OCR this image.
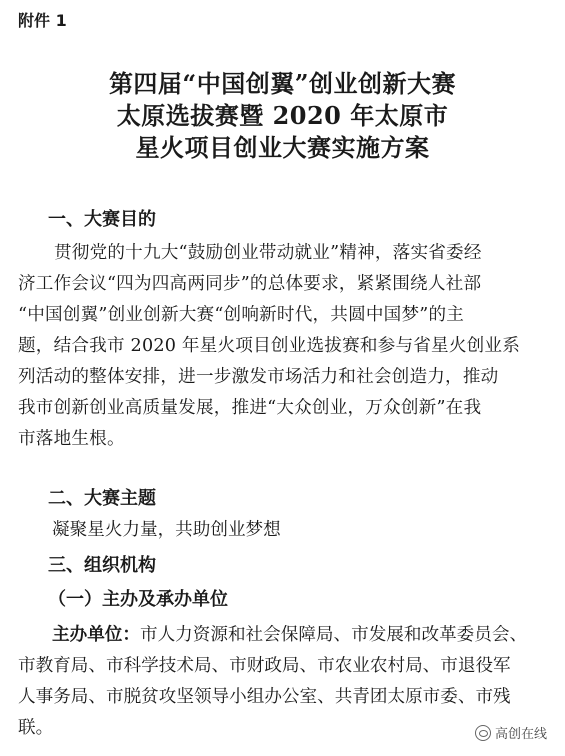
附件 1
第四届“中国创翼”创业创新大赛
太原选拔赛暨 2020 年太原市
星火项目创业大赛实施方案
一、大赛目的
贯彻党的十九大“鼓励创业带动就业”精神，落实省委经
济工作会议“四为四高两同步”的总体要求，紧紧围绕人社部
“中国创翼”创业创新大赛“创响新时代，共圆中国梦”的主
题，结合我市 2020 年星火项目创业选拔赛和参与省星火创业系
列活动的整体安排，进一步激发市场活力和社会创造力，推动
我市创新创业高质量发展，推进“大众创业，万众创新”在我
市落地生根。
二、大赛主题
凝聚星火力量，共助创业梦想
三、组织机构
（一）主办及承办单位
主办单位：市人力资源和社会保障局、市发展和改革委员会、
市教育局、市科学技术局、市财政局、市农业农村局、市退役军
人事务局、市脱贫攻坚领导小组办公室、共青团太原市委、市残
联。	高创在线
